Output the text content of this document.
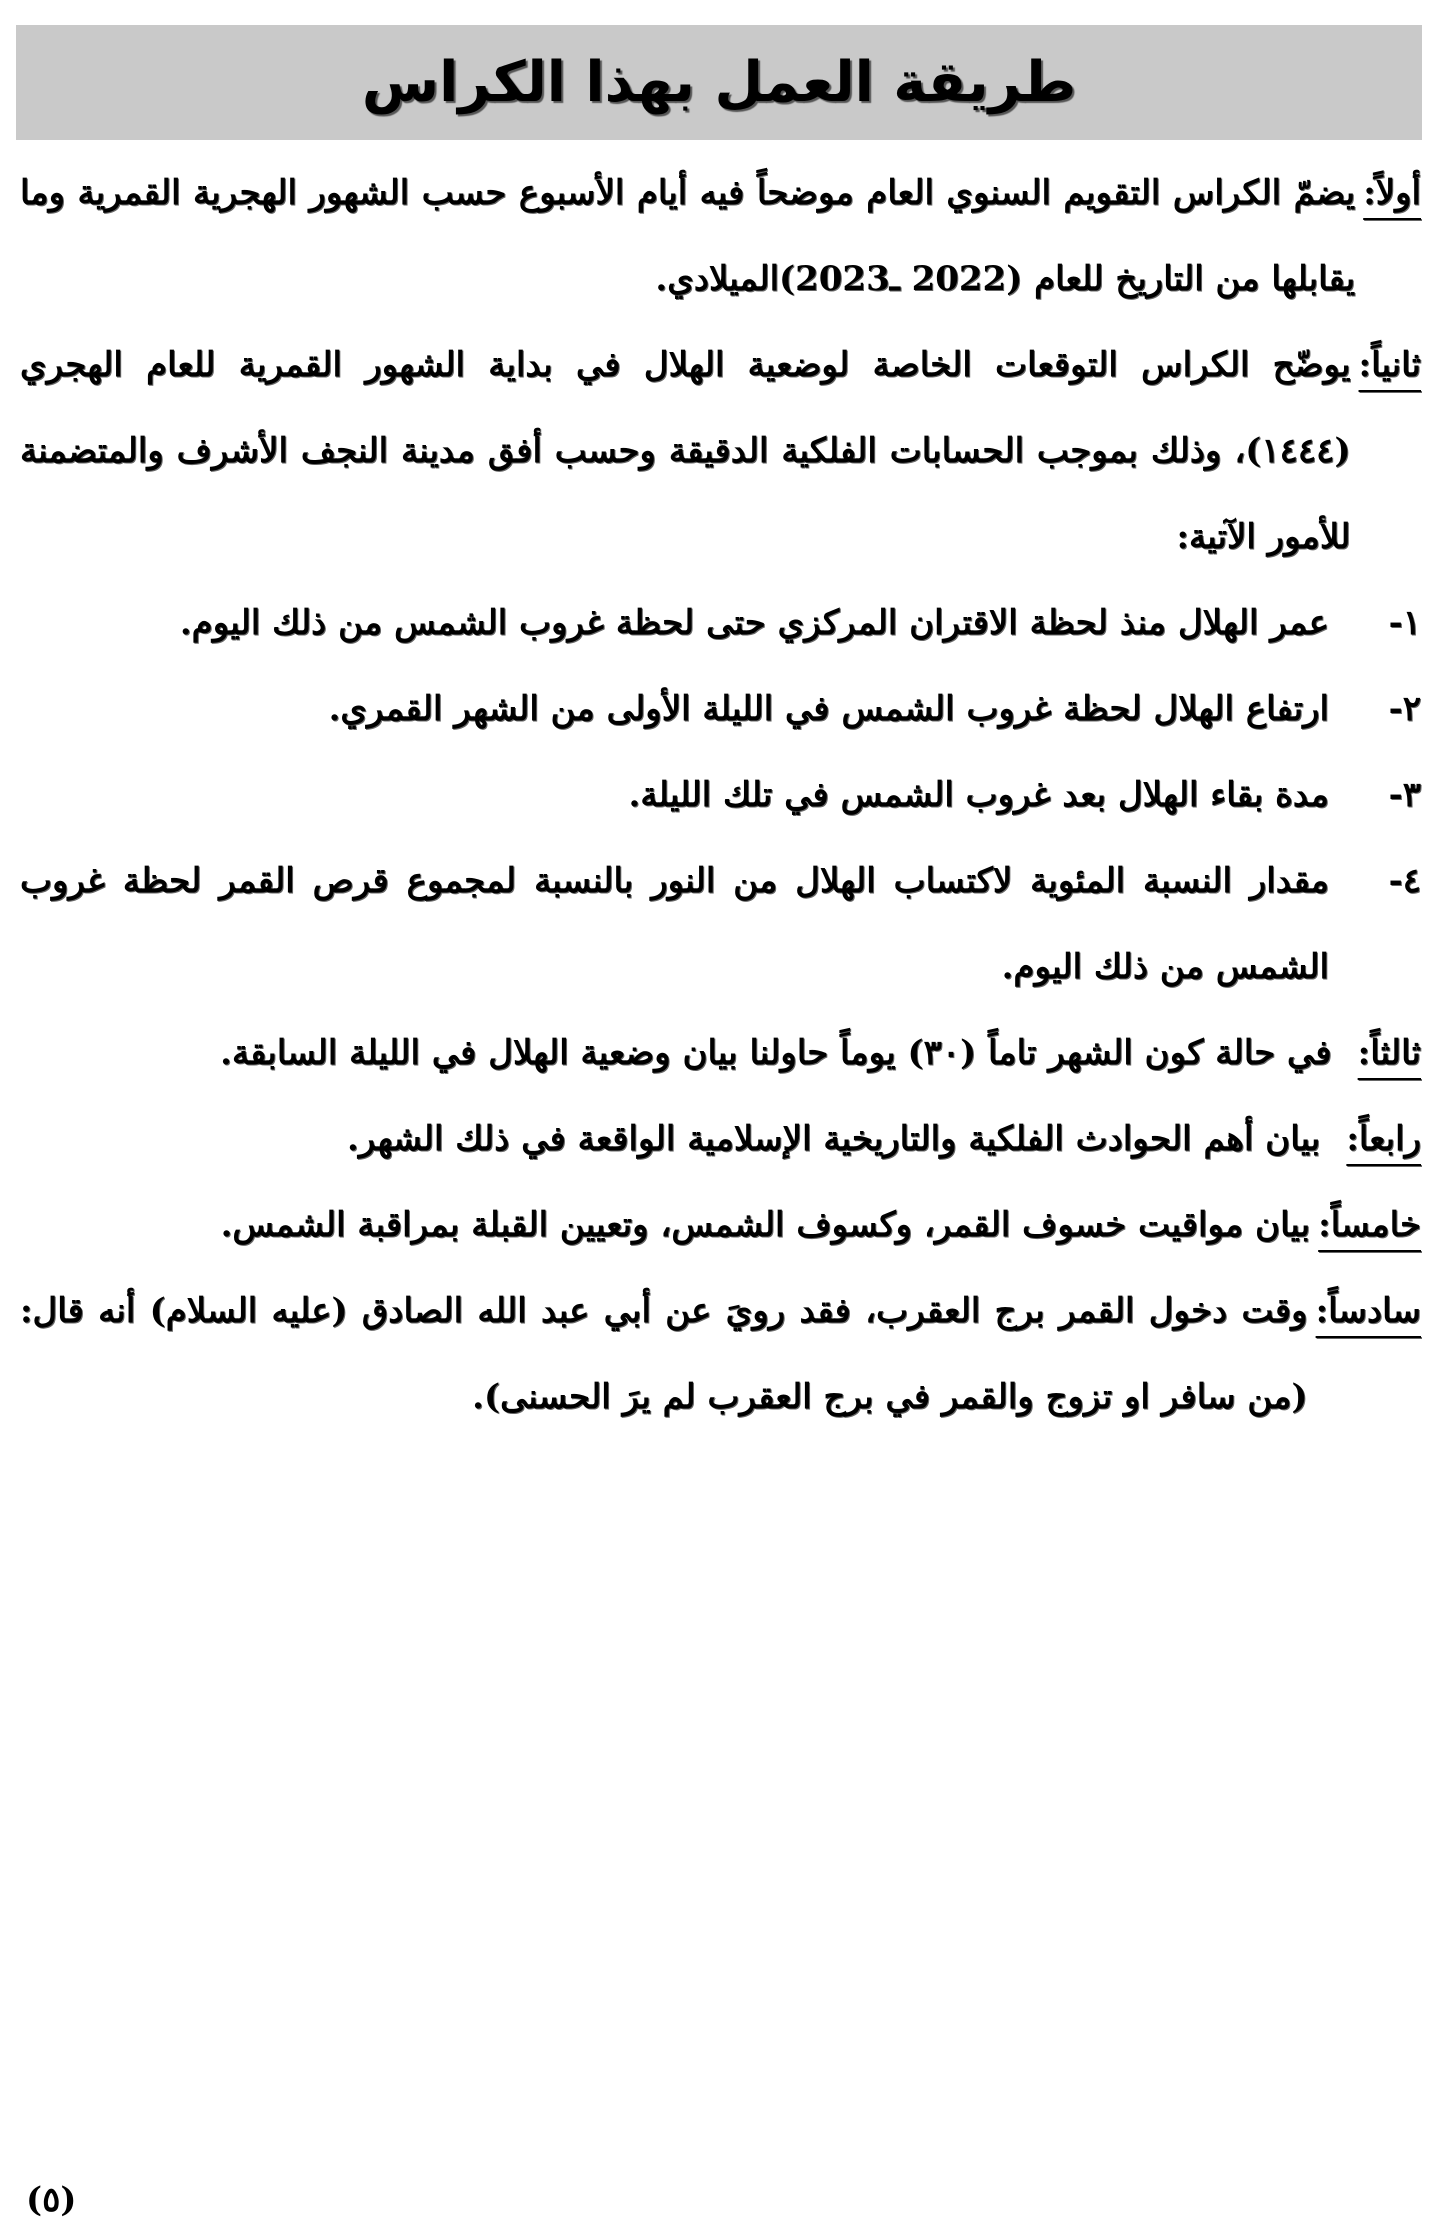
طريقة العمل بهذا الكراس
أولاً:
يضمّ الكراس التقويم السنوي العام موضحاً فيه أيام الأسبوع حسب الشهور الهجرية القمرية وما يقابلها من التاريخ للعام (2022 ـ2023)الميلادي.
ثانياً:
يوضّح الكراس التوقعات الخاصة لوضعية الهلال في بداية الشهور القمرية للعام الهجري (١٤٤٤)، وذلك بموجب الحسابات الفلكية الدقيقة وحسب أفق مدينة النجف الأشرف والمتضمنة للأمور الآتية:
١-
عمر الهلال منذ لحظة الاقتران المركزي حتى لحظة غروب الشمس من ذلك اليوم.
٢-
ارتفاع الهلال لحظة غروب الشمس في الليلة الأولى من الشهر القمري.
٣-
مدة بقاء الهلال بعد غروب الشمس في تلك الليلة.
٤-
مقدار النسبة المئوية لاكتساب الهلال من النور بالنسبة لمجموع قرص القمر لحظة غروب الشمس من ذلك اليوم.
ثالثاً:
في حالة كون الشهر تاماً (٣٠) يوماً حاولنا بيان وضعية الهلال في الليلة السابقة.
رابعاً:
بيان أهم الحوادث الفلكية والتاريخية الإسلامية الواقعة في ذلك الشهر.
خامساً:
بيان مواقيت خسوف القمر، وكسوف الشمس، وتعيين القبلة بمراقبة الشمس.
سادساً:
وقت دخول القمر برج العقرب، فقد رويَ عن أبي عبد الله الصادق (عليه السلام) أنه قال: (من سافر او تزوج والقمر في برج العقرب لم يرَ الحسنى).
(٥)
